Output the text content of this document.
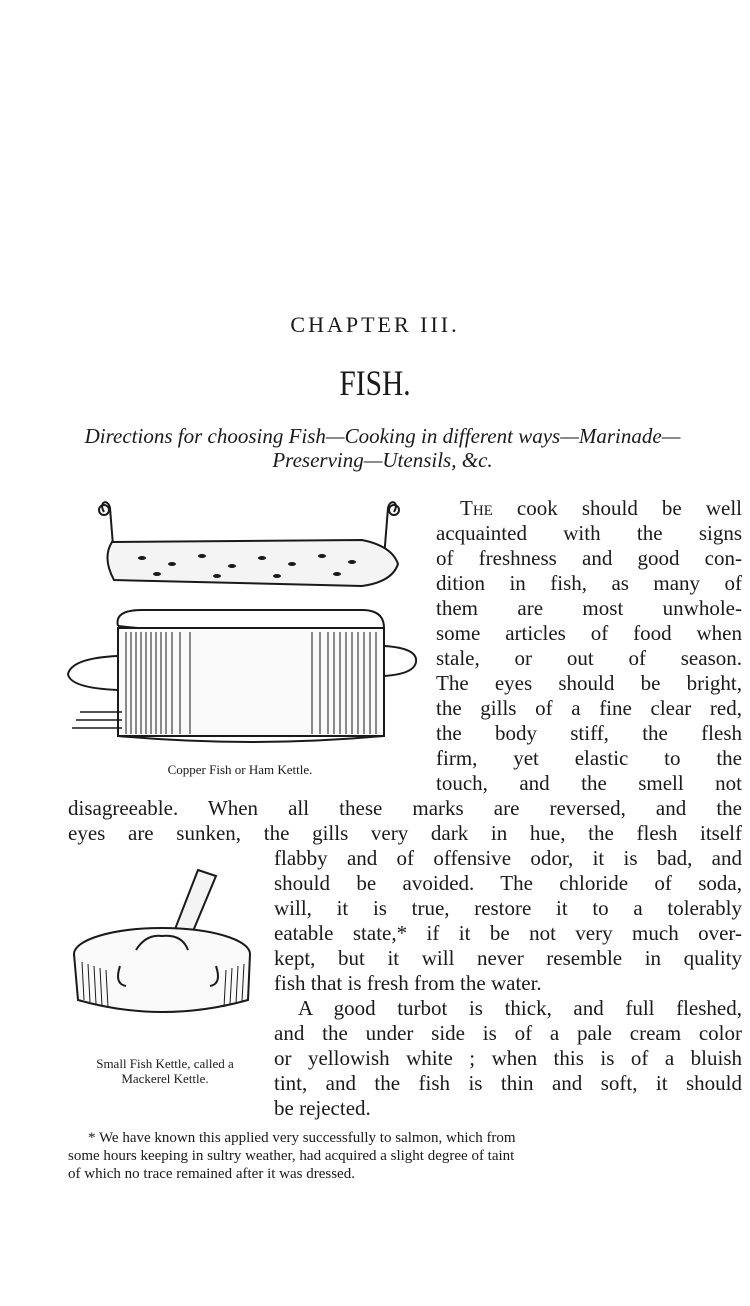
CHAPTER III.
FISH.
Directions for choosing Fish—Cooking in different ways—Marinade—Preserving—Utensils, &c.
Copper Fish or Ham Kettle.
Small Fish Kettle, called a
Mackerel Kettle.
The cook should be well
acquainted with the signs
of freshness and good con-
dition in fish, as many of
them are most unwhole-
some articles of food when
stale, or out of season.
The eyes should be bright,
the gills of a fine clear red,
the body stiff, the flesh
firm, yet elastic to the
touch, and the smell not
disagreeable. When all these marks are reversed, and the
eyes are sunken, the gills very dark in hue, the flesh itself
flabby and of offensive odor, it is bad, and
should be avoided. The chloride of soda,
will, it is true, restore it to a tolerably
eatable state,* if it be not very much over-
kept, but it will never resemble in quality
fish that is fresh from the water.
A good turbot is thick, and full fleshed,
and the under side is of a pale cream color
or yellowish white ; when this is of a bluish
tint, and the fish is thin and soft, it should
be rejected.
* We have known this applied very successfully to salmon, which from
some hours keeping in sultry weather, had acquired a slight degree of taint
of which no trace remained after it was dressed.
